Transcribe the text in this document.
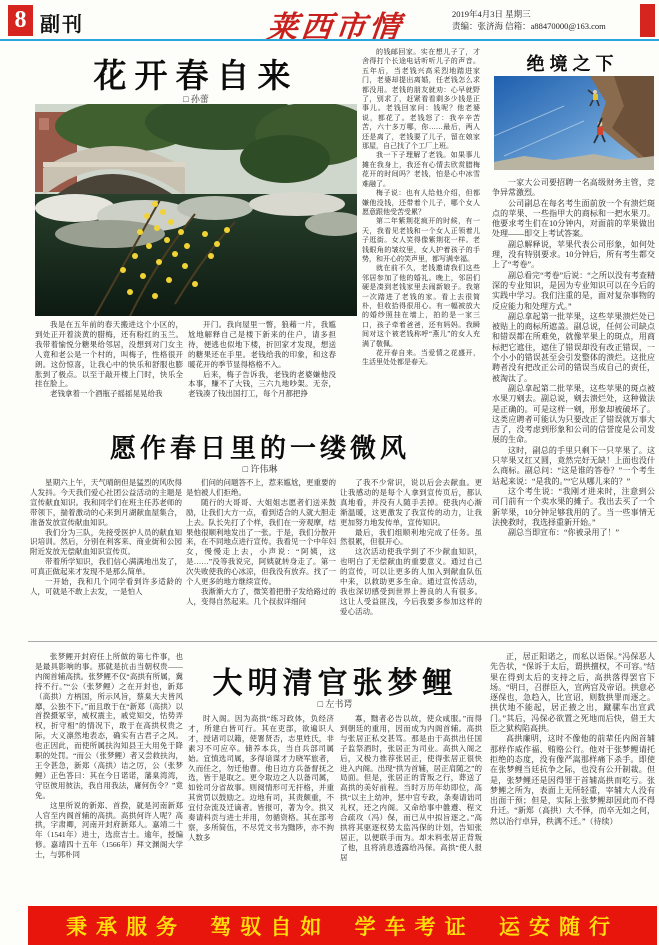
8 副刊	莱西市情	2019年4月3日 星期三
责编：张济海 信箱：a88470000@163.com
花开春自来
□ 孙蕾

我是在五年前的春天搬进这个小区的，到处正开着淡黄的腊梅，还有粉红的玉兰。我带着愉悦分糖果给邻居，没想到对门女主人竟和老公是一个村的，叫梅子，性格很开朗。这份惊喜，让我心中的快乐和舒服也膨胀到了极点。以至于敲开楼上门时，快乐全挂在脸上。

老钱拿着一个酒瓶子摇摇晃晃给我

开门。我向屋里一瞥，狼藉一片，我尴尬地解释自己是楼下新来的住户，请多担待，便逃也似地下楼，折回家才发现，想送的糖果还在手里。老钱给我的印象，和这春暖花开的季节显得格格不入。

后来，梅子告诉我，老钱的老婆嫌他没本事，赚不了大钱，三六九地吵架。无奈，老钱凑了钱出国打工，每个月都把挣

的钱邮回家。实在想儿子了，才舍得打个长途电话听听儿子的声音。五年后，当老钱兴高采烈地踏进家门，老婆却提出离婚，任老钱怎么求都没用。老钱的朋友就劝：心早就野了，别求了，赶紧看看剩多少钱是正事儿。老钱回家问：钱呢？他老婆说，都花了。老钱怒了：我辛辛苦苦，六十多万哪，你……最后，两人还是离了，老钱要了儿子，留在娘家那屋，自己找了个工厂上班。

我一下子理解了老钱。如果事儿摊在我身上，我还有心情去欣赏腊梅花开的时间吗？老钱，怕是心中冰雪难融了。

梅子说：也有人给他介绍，但都嫌他没钱，还带着个儿子，哪个女人愿意跟他受苦受累？

第二年紫荆花疯开的时候，有一天，我看见老钱和一个女人正领着儿子逛街。女人笑得像紫荆花一样。老钱眼角的皱纹里，女人护着孩子的手势，和开心的笑声里，都写满幸福。

就在前不久，老钱邀请我们这些邻居参加了他的婚礼。晚上，邻居们硬是凑到老钱家里去闹新娘子。我第一次踏进了老钱的家。看上去很简朴，但收拾得很用心。有一幅被放大的婚纱照挂在墙上，拍的是一家三口，孩子牵着爸爸，还有妈妈。我瞬间对这个被老钱称呼“燕儿”的女人充满了敬佩。

花开春自来。当爱情之花盛开，生活里处处都是春天。

绝境之下

一家大公司要招聘一名高级财务主管，竞争异常激烈。

公司副总在每名考生面前放一个有溃烂斑点的苹果、一些指甲大的商标和一把水果刀。他要求考生们在10分钟内，对面前的苹果做出处理——即交上考试答案。

副总解释说，苹果代表公司形象，如何处理，没有特别要求。10分钟后，所有考生都交上了“考卷”。

副总看完“考卷”后说：“之所以没有考查精深的专业知识，是因为专业知识可以在今后的实践中学习。我们注重的是，面对复杂事物的反应能力和处理方式。”

副总拿起第一批苹果，这些苹果溃烂处已被贴上的商标所遮盖。副总说，任何公司缺点和错误都在所难免，就像苹果上的斑点，用商标把它遮住，遮住了错误却没有改正错误，一个小小的错误甚至会引发整体的溃烂。这批应聘者没有把改正公司的错误当成自己的责任，被淘汰了。

副总拿起第二批苹果，这些苹果的斑点被水果刀剜去。副总说，剜去溃烂处，这种做法是正确的。可是这样一剜，形象却被破坏了。这类应聘者可能认为只要改正了错误就万事大吉了，没考虑到形象和公司的信誉度是公司发展的生命。

这时，副总的手里只剩下一只苹果了。这只苹果又红又圆，竟然完好无缺！上面也没什么商标。副总问：“这是谁的答卷？”一个考生站起来说：“是我的。”“它从哪儿来的？”

这个考生说：“我刚才进来时，注意到公司门前有一个卖水果的摊子。我出去买了一个新苹果，10分钟足够我用的了。当一些事情无法挽救时，我选择重新开始。”

副总当即宣布：“你被录用了！”

愿作春日里的一缕微风
□ 许伟琳

星期六上午，天气晴朗但是猛烈的风吹得人发抖。今天我们爱心社团公益活动的主题是宣传献血知识。我和同学们在班主任苏老师的带领下，揣着激动的心来到月湖献血屋集合，准备发放宣传献血知识。

我们分为三队，先接受医护人员的献血知识培训。然后，分别在利客来、商业街和公园附近发放无偿献血知识宣传页。

带着所学知识，我们信心满满地出发了，可真正做起来才发现不是那么简单。

一开始，我和几个同学看到许多适龄的人，可就是不敢上去发，一是怕人

们问的问题答不上，惹来尴尬，更重要的是怕被人们拒绝。

随行的大哥哥、大姐姐志愿者们送来鼓励，让我们大方一点，看到适合的人就大胆走上去。队长先打了个样，我们在一旁观摩，结果他很顺利地发出了一张。于是，我们分散开来，在不同地点进行宣传。我看见一个中年妇女，慢慢走上去，小声说：“阿姨，这是……”没等我说完，阿姨就转身走了。第一次失败使我的心冰凉，但我没有放弃。找了一个人更多的地方继续宣传。

我渐渐大方了，微笑着把册子发给路过的人，变得自然起来。几个叔叔详细问

了我不少常识，说以后会去献血。更让我感动的是每个人拿到宣传页后，都认真地看，并没有人随手丢掉。使我内心渐渐温暖，这更激发了我宣传的动力，让我更加努力地发传单，宣传知识。

最后，我们组顺利地完成了任务。虽然很累，但很开心。

这次活动使我学到了不少献血知识，也明白了无偿献血的重要意义。通过自己的宣传，可以让更多的人加入到献血队伍中来，以救助更多生命。通过宣传活动，我也深切感受到世界上善良的人有很多。这让人受益匪浅，今后我要多参加这样的爱心活动。

大明清官张梦鲤
□ 左书谔

张梦鲤开封府任上所做的第七件事，也是最具影响的事。那就是抗击当朝权贵——内阁首辅高拱。张梦鲤不仅“高拱有所属，冀持不行。”“公（张梦鲤）之在开封也，新郑（高拱）方柄国，所示风旨，蔡臬大夫皆风靡，公独不下。”而且敢于在“新郑（高拱）以首揆摄冢宰，威权震主，戚党知交，怙势弄权，折守相”的情况下，敢于在高拱权贵之际，大义凛然地表态，确实有古君子之风。也正因此，而使所属扶沟知县王大用免于降职的处罚。“而公（张梦鲤）者又尝救扶沟，王令甚急，新郑（高拱）诘之厉，公（张梦鲤）正色答曰：其在今日诺诺，藩臬湾湾，守臣彼用彼法，我自用我法，庸何伤令？”竟免。

这里所说的新郑、首揆，就是河南新郑人官至内阁首辅的高拱。高拱何许人呢？高拱，字肃卿，河南开封府新郑人。嘉靖二十年（1541年）进士，选庶吉士。逾年，授编修。嘉靖四十五年（1566年）拜文渊阁大学士，与郭朴同

时入阁。因为高拱“练习政体，负经济才，所建白皆可行。其在吏部，欲遍识人才，授诸司以籍，使署贤否，志里姓氏，非素习不可应卒。储养本兵，当自兵部司属始。宜慎选司属，多得谙谋才力晓军旅者，久而任之，勿迁他曹。他日边方兵备督抚之选，皆于是取之。更令取边之人以备司属，如铨司分省故事。则阅情形可无扞格，并重其赏罚以鼓励之。边地有司，其责颇重，不宜付杂流及迁谪者。皆报可，著为令。拱又奏请科贡与进士并用，勿循资格。其在部考察，多所简伍，不尽凭文书为黜陟，亦不拘人数多

寡，黜者必告以故，使众咸服。”而得到朝廷的重用，因而成为内阁首辅。高拱与张居正私交甚笃。那是由于高拱出任国子监祭酒时，张居正为司业。高拱入阁之后，又极力推荐张居正，使得张居正很快进入内阁。出现“拱为首辅，居正肩随之”的局面。但是，张居正的背叛之行，葬送了高拱的美好前程。当时万历年幼即位，高拱“以主上幼冲，惩中官专政，条奏请诎司礼权，还之内阁。又命给事中雒遵、程文合疏攻（冯）保，而已从中拟旨逐之。”高拱将其驱逐权势太监冯保的计划，告知张居正，以便联手而为。却未料张居正背叛了他，且将消息透露给冯保。高拱“使人报居

正，居正阳诺之，而私以语保。”冯保恶人先告状，“保诉于太后，谓拱擅权，不可容。”结果在得到太后的支持之后，高拱落得罢官下场。“明日，召群臣入，宣两宫及帝诏。拱意必逐保也，急趋入，比宣诏，则数拱罪而逐之。拱伏地不能起，居正掖之出，蹴骡车出宣武门。”其后，冯保必欲置之死地而后快，借王大臣之狱构陷高拱。

高拱廉明，这时不像他的前辈任内阁首辅那样作威作福、贿赂公行。他对于张梦鲤请托拒绝的态度，没有像严嵩那样痛下杀手。即使在张梦鲤当廷抗争之际，也没有公开制裁。但是，张梦鲤还是因得罪于首辅高拱而吃亏。张梦鲤之所为，表面上无所轻重，宰辅大人没有出面干预；但是，实际上张梦鲤却因此而不得升迁。“新郑（高拱）大不怿，而卒无如之何，然以治行卓异，秩满不迁。”（待续）

秉承服务 驾驭自如 学车考证 运安随行
